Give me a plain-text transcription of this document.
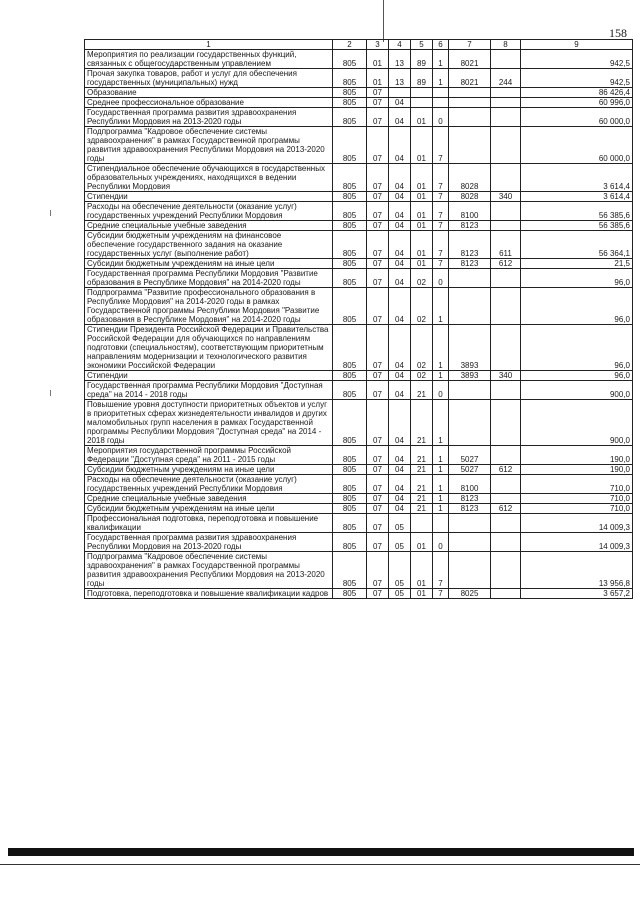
158
1	2	3	4	5	6	7	8	9
Мероприятия по реализации государственных функций, связанных с общегосударственным управлением	805	01	13	89	1	8021		942,5
Прочая закупка товаров, работ и услуг для обеспечения государственных (муниципальных) нужд	805	01	13	89	1	8021	244	942,5
Образование	805	07						86 426,4
Среднее профессиональное образование	805	07	04					60 996,0
Государственная программа развития здравоохранения Республики Мордовия на 2013-2020 годы	805	07	04	01	0			60 000,0
Подпрограмма "Кадровое обеспечение системы здравоохранения" в рамках Государственной программы развития здравоохранения Республики Мордовия на 2013-2020 годы	805	07	04	01	7			60 000,0
Стипендиальное обеспечение обучающихся в государственных образовательных учреждениях, находящихся в ведении Республики Мордовия	805	07	04	01	7	8028		3 614,4
Стипендии	805	07	04	01	7	8028	340	3 614,4
Расходы на обеспечение деятельности (оказание услуг) государственных учреждений Республики Мордовия	805	07	04	01	7	8100		56 385,6
Средние специальные учебные заведения	805	07	04	01	7	8123		56 385,6
Субсидии бюджетным учреждениям на финансовое обеспечение государственного задания на оказание государственных услуг (выполнение работ)	805	07	04	01	7	8123	611	56 364,1
Субсидии бюджетным учреждениям на иные цели	805	07	04	01	7	8123	612	21,5
Государственная программа Республики Мордовия "Развитие образования в Республике Мордовия" на 2014-2020 годы	805	07	04	02	0			96,0
Подпрограмма "Развитие профессионального образования в Республике Мордовия" на 2014-2020 годы в рамках Государственной программы Республики Мордовия "Развитие образования в Республике Мордовия" на 2014-2020 годы	805	07	04	02	1			96,0
Стипендии Президента Российской Федерации и Правительства Российской Федерации для обучающихся по направлениям подготовки (специальностям), соответствующим приоритетным направлениям модернизации и технологического развития экономики Российской Федерации	805	07	04	02	1	3893		96,0
Стипендии	805	07	04	02	1	3893	340	96,0
Государственная программа Республики Мордовия "Доступная среда" на 2014 - 2018 годы	805	07	04	21	0			900,0
Повышение уровня доступности приоритетных объектов и услуг в приоритетных сферах жизнедеятельности инвалидов и других маломобильных групп населения в рамках Государственной программы Республики Мордовия "Доступная среда" на 2014 - 2018 годы	805	07	04	21	1			900,0
Мероприятия государственной программы Российской Федерации "Доступная среда" на 2011 - 2015 годы	805	07	04	21	1	5027		190,0
Субсидии бюджетным учреждениям на иные цели	805	07	04	21	1	5027	612	190,0
Расходы на обеспечение деятельности (оказание услуг) государственных учреждений Республики Мордовия	805	07	04	21	1	8100		710,0
Средние специальные учебные заведения	805	07	04	21	1	8123		710,0
Субсидии бюджетным учреждениям на иные цели	805	07	04	21	1	8123	612	710,0
Профессиональная подготовка, переподготовка и повышение квалификации	805	07	05					14 009,3
Государственная программа развития здравоохранения Республики Мордовия на 2013-2020 годы	805	07	05	01	0			14 009,3
Подпрограмма "Кадровое обеспечение системы здравоохранения" в рамках Государственной программы развития здравоохранения Республики Мордовия на 2013-2020 годы	805	07	05	01	7			13 956,8
Подготовка, переподготовка и повышение квалификации кадров	805	07	05	01	7	8025		3 657,2
